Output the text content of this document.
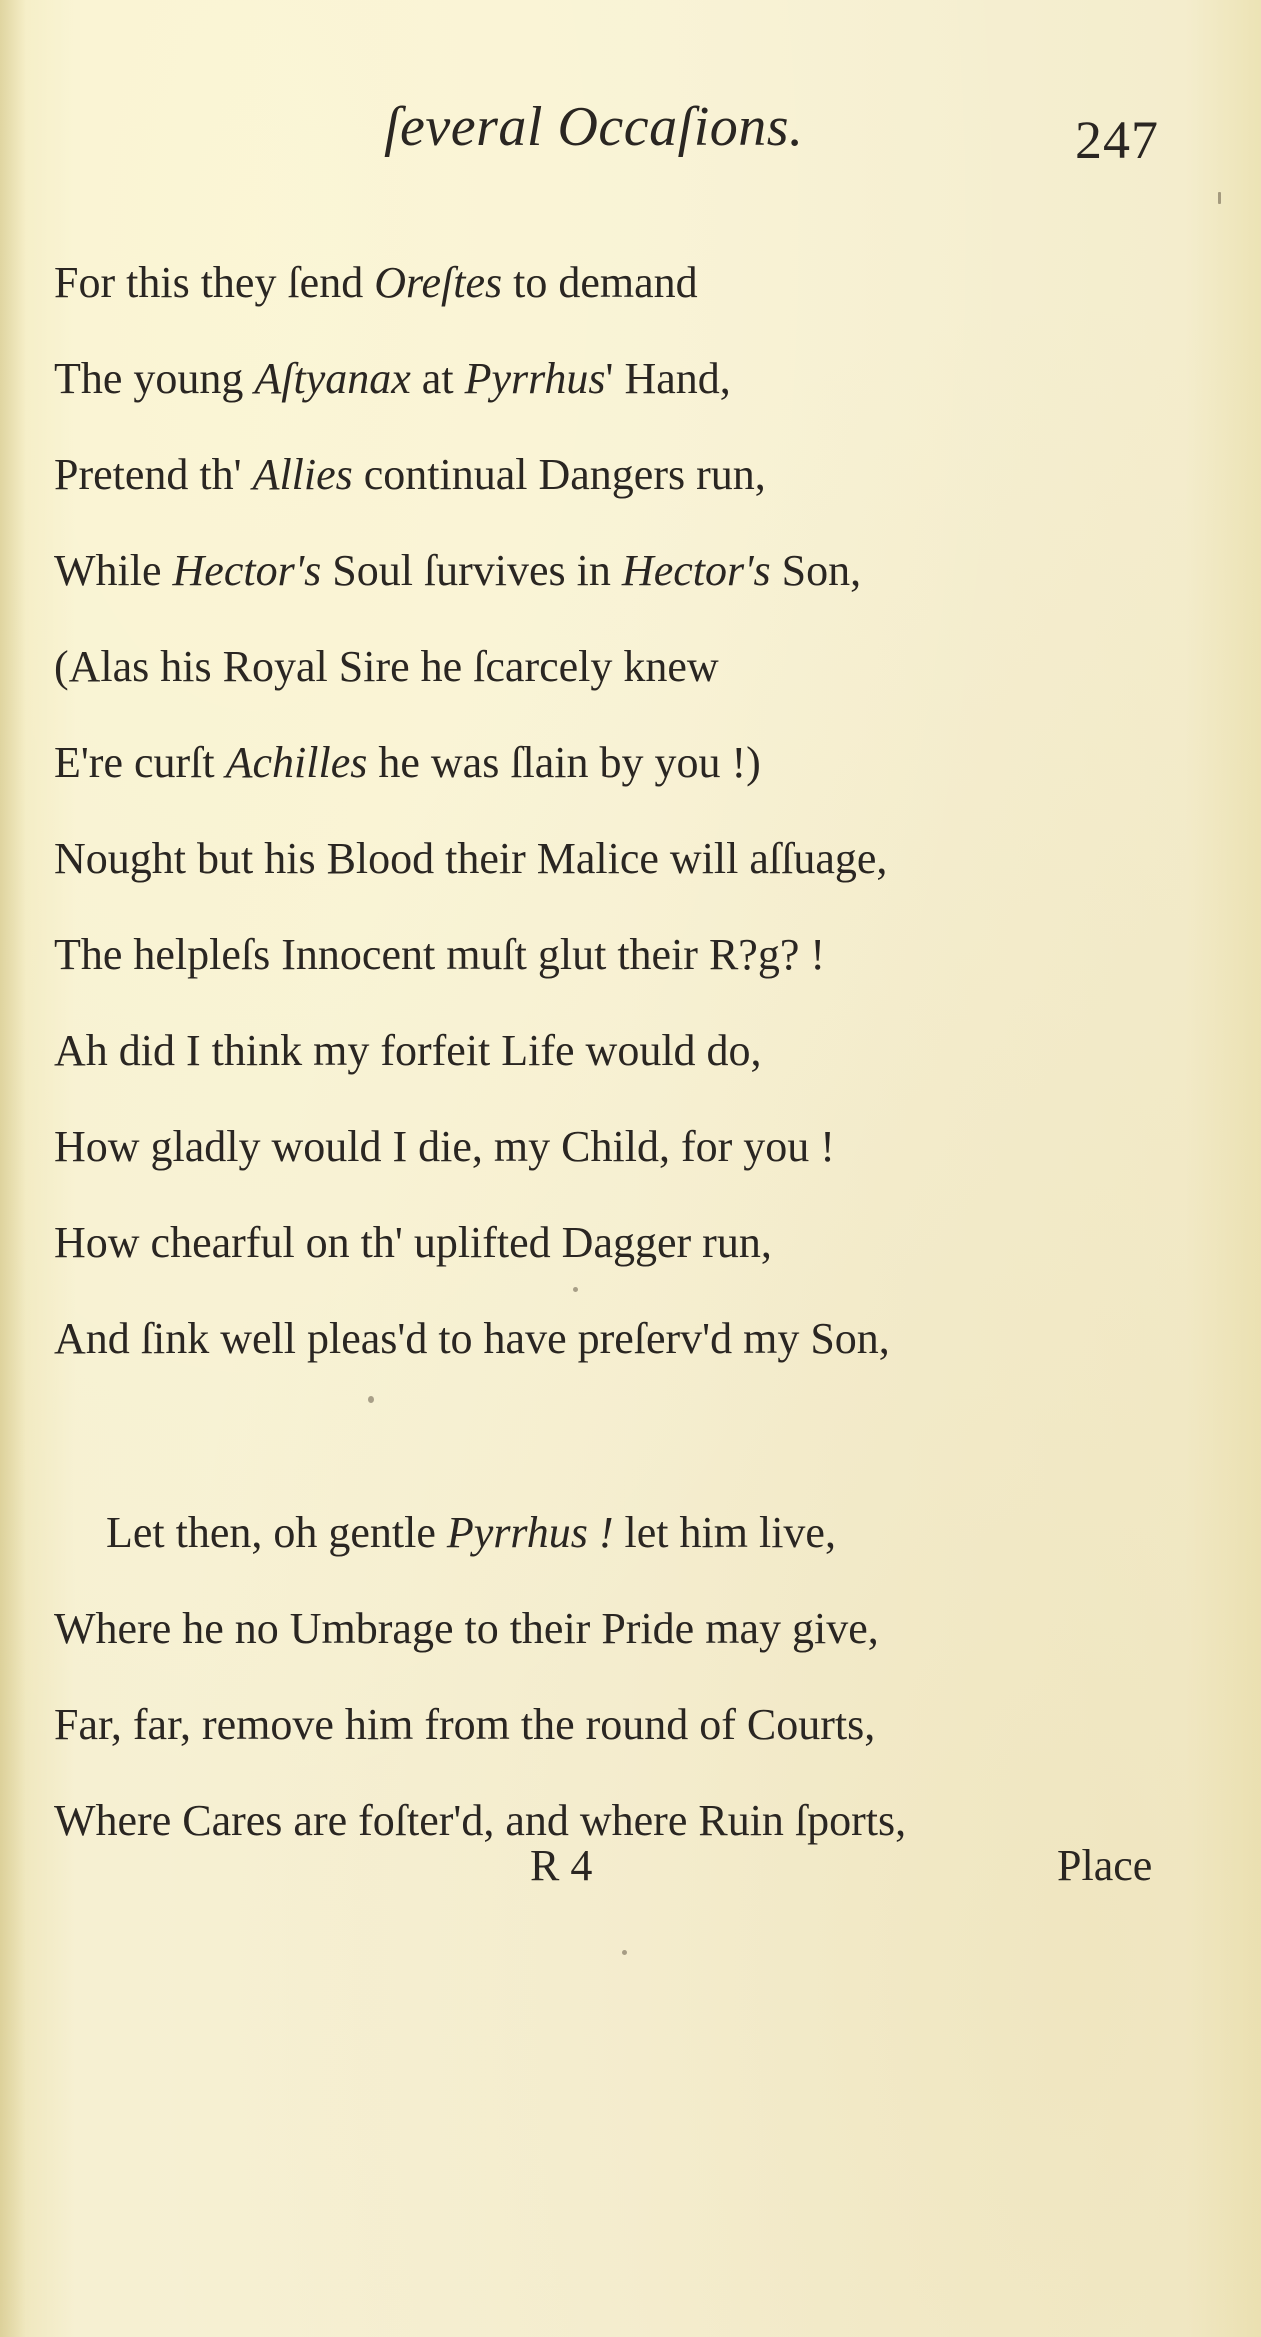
ſeveral Occaſions.	247
For this they ſend Oreſtes to demand
The young Aſtyanax at Pyrrhus' Hand,
Pretend th' Allies continual Dangers run,
While Hector's Soul ſurvives in Hector's Son,
(Alas his Royal Sire he ſcarcely knew
E're curſt Achilles he was ſlain by you !)
Nought but his Blood their Malice will aſſuage,
The helpleſs Innocent muſt glut their R?g? !
Ah did I think my forfeit Life would do,
How gladly would I die, my Child, for you !
How chearful on th' uplifted Dagger run,
And ſink well pleas'd to have preſerv'd my Son,
Let then, oh gentle Pyrrhus ! let him live,
Where he no Umbrage to their Pride may give,
Far, far, remove him from the round of Courts,
Where Cares are foſter'd, and where Ruin ſports,
R 4	Place
